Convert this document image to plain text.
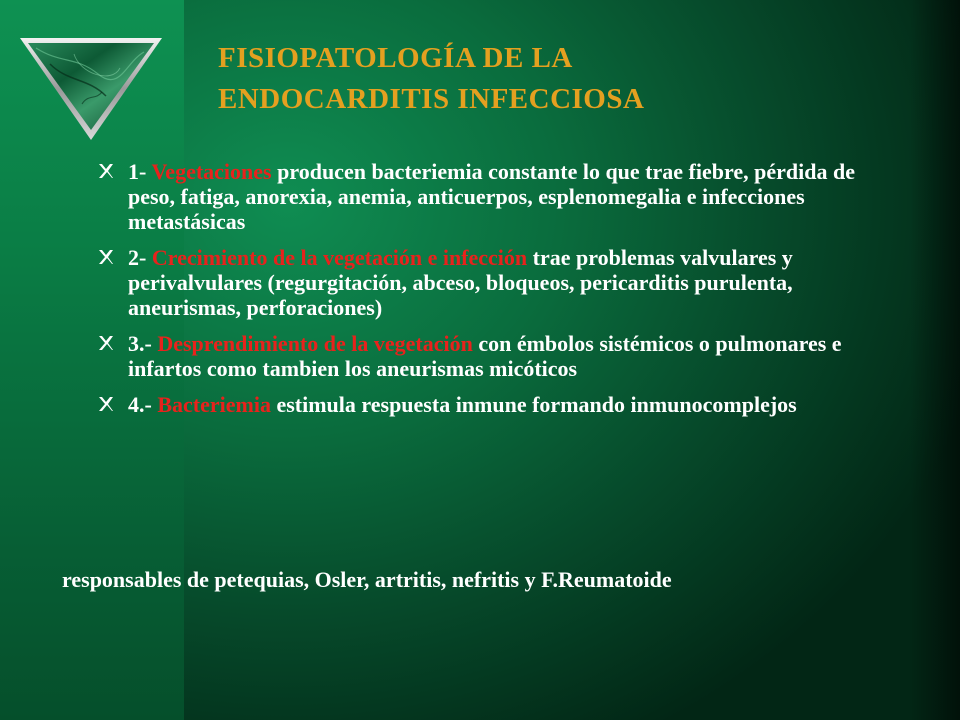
FISIOPATOLOGÍA DE LA
ENDOCARDITIS INFECCIOSA
1- Vegetaciones producen bacteriemia constante lo que trae fiebre, pérdida de peso, fatiga, anorexia, anemia, anticuerpos, esplenomegalia e infecciones metastásicas
2- Crecimiento de la vegetación e infección trae problemas valvulares y perivalvulares (regurgitación, abceso, bloqueos, pericarditis purulenta, aneurismas, perforaciones)
3.- Desprendimiento de la vegetación con émbolos sistémicos o pulmonares e infartos como tambien los aneurismas micóticos
4.- Bacteriemia estimula respuesta inmune formando inmunocomplejos

responsables de petequias, Osler, artritis, nefritis y F.Reumatoide
